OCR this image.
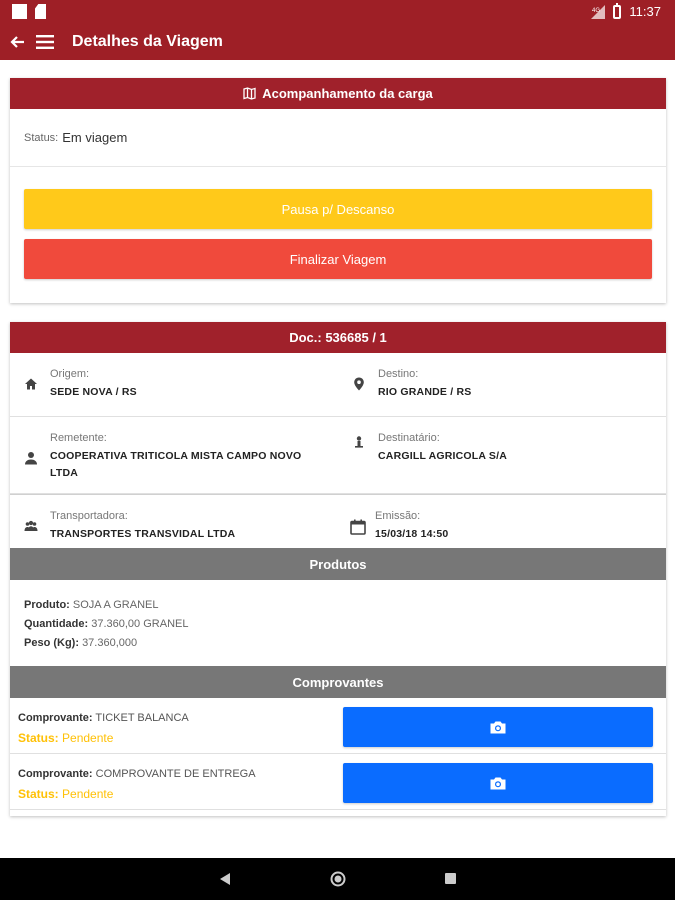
4G 11:37
Detalhes da Viagem
Acompanhamento da carga
Status: Em viagem
Pausa p/ Descanso
Finalizar Viagem
Doc.: 536685 / 1
Origem:
SEDE NOVA / RS
Destino:
RIO GRANDE / RS
Remetente:
COOPERATIVA TRITICOLA MISTA CAMPO NOVO
LTDA
Destinatário:
CARGILL AGRICOLA S/A
Transportadora:
TRANSPORTES TRANSVIDAL LTDA
Emissão:
15/03/18 14:50
Produtos
Produto: SOJA A GRANEL
Quantidade: 37.360,00 GRANEL
Peso (Kg): 37.360,000
Comprovantes
Comprovante: TICKET BALANCA
Status: Pendente
Comprovante: COMPROVANTE DE ENTREGA
Status: Pendente
